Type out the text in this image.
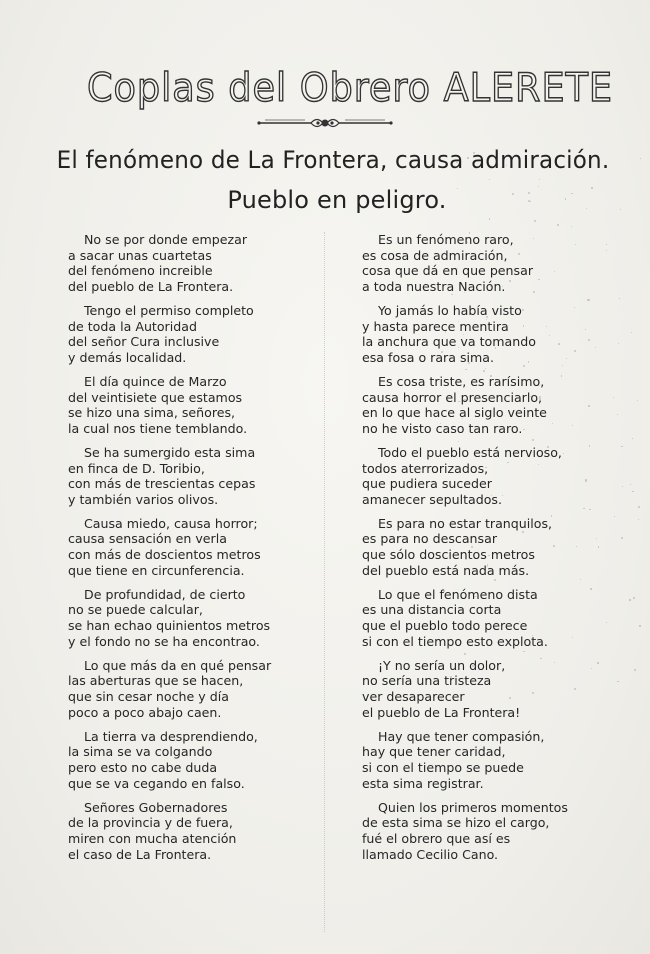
Coplas del Obrero ALERETE
El fenómeno de La Frontera, causa admiración.
Pueblo en peligro.
No se por donde empezar
a sacar unas cuartetas
del fenómeno increible
del pueblo de La Frontera.
Tengo el permiso completo
de toda la Autoridad
del señor Cura inclusive
y demás localidad.
El día quince de Marzo
del veintisiete que estamos
se hizo una sima, señores,
la cual nos tiene temblando.
Se ha sumergido esta sima
en finca de D. Toribio,
con más de trescientas cepas
y también varios olivos.
Causa miedo, causa horror;
causa sensación en verla
con más de doscientos metros
que tiene en circunferencia.
De profundidad, de cierto
no se puede calcular,
se han echao quinientos metros
y el fondo no se ha encontrao.
Lo que más da en qué pensar
las aberturas que se hacen,
que sin cesar noche y día
poco a poco abajo caen.
La tierra va desprendiendo,
la sima se va colgando
pero esto no cabe duda
que se va cegando en falso.
Señores Gobernadores
de la provincia y de fuera,
miren con mucha atención
el caso de La Frontera.
Es un fenómeno raro,
es cosa de admiración,
cosa que dá en que pensar
a toda nuestra Nación.
Yo jamás lo había visto
y hasta parece mentira
la anchura que va tomando
esa fosa o rara sima.
Es cosa triste, es rarísimo,
causa horror el presenciarlo,
en lo que hace al siglo veinte
no he visto caso tan raro.
Todo el pueblo está nervioso,
todos aterrorizados,
que pudiera suceder
amanecer sepultados.
Es para no estar tranquilos,
es para no descansar
que sólo doscientos metros
del pueblo está nada más.
Lo que el fenómeno dista
es una distancia corta
que el pueblo todo perece
si con el tiempo esto explota.
¡Y no sería un dolor,
no sería una tristeza
ver desaparecer
el pueblo de La Frontera!
Hay que tener compasión,
hay que tener caridad,
si con el tiempo se puede
esta sima registrar.
Quien los primeros momentos
de esta sima se hizo el cargo,
fué el obrero que así es
llamado Cecilio Cano.
